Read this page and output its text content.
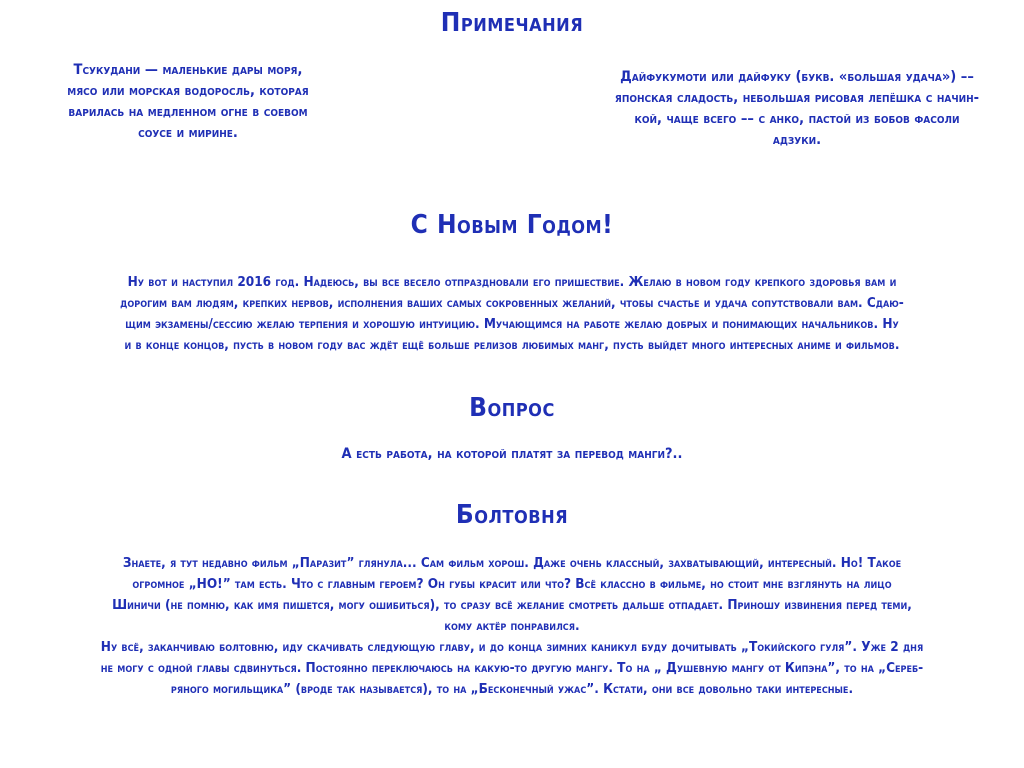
Примечания
Тсукудани — маленькие дары моря,
мясо или морская водоросль, которая
варилась на медленном огне в соевом
соусе и мирине.
Дайфукумоти или дайфуку (букв. «большая удача») ––
японская сладость, небольшая рисовая лепёшка с начин-
кой, чаще всего –– с анко, пастой из бобов фасоли
адзуки.
С Новым Годом!
Ну вот и наступил 2016 год. Надеюсь, вы все весело отпраздновали его пришествие. Желаю в новом году крепкого здоровья вам и
дорогим вам людям, крепких нервов, исполнения ваших самых сокровенных желаний, чтобы счастье и удача сопутствовали вам. Сдаю-
щим экзамены/сессию желаю терпения и хорошую интуицию. Мучающимся на работе желаю добрых и понимающих начальников. Ну
и в конце концов, пусть в новом году вас ждёт ещё больше релизов любимых манг, пусть выйдет много интересных аниме и фильмов.
Вопрос
А есть работа, на которой платят за перевод манги?..
Болтовня
Знаете, я тут недавно фильм „Паразит” глянула... Сам фильм хорош. Даже очень классный, захватывающий, интересный. Но! Такое
огромное „НО!” там есть. Что с главным героем? Он губы красит или что? Всё классно в фильме, но стоит мне взглянуть на лицо
Шиничи (не помню, как имя пишется, могу ошибиться), то сразу всё желание смотреть дальше отпадает. Приношу извинения перед теми,
кому актёр понравился.
Ну всё, заканчиваю болтовню, иду скачивать следующую главу, и до конца зимних каникул буду дочитывать „Токийского гуля”. Уже 2 дня
не могу с одной главы сдвинуться. Постоянно переключаюсь на какую-то другую мангу. То на „ Душевную мангу от Кипэна”, то на „Сереб-
ряного могильщика” (вроде так называется), то на „Бесконечный ужас”. Кстати, они все довольно таки интересные.
